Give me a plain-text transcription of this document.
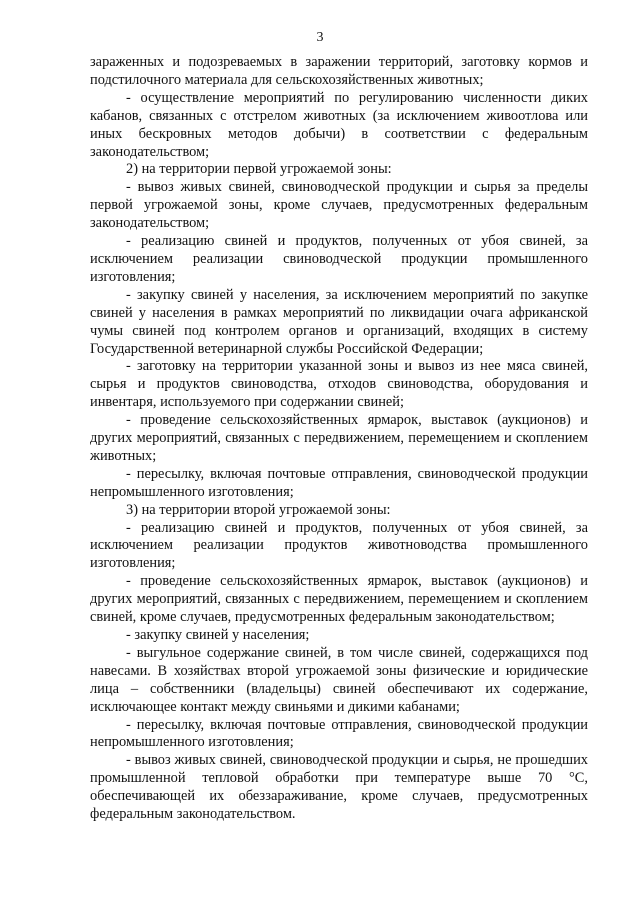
3

зараженных и подозреваемых в заражении территорий, заготовку кормов и подстилочного материала для сельскохозяйственных животных;

- осуществление мероприятий по регулированию численности диких кабанов, связанных с отстрелом животных (за исключением живоотлова или иных бескровных методов добычи) в соответствии с федеральным законодательством;

2) на территории первой угрожаемой зоны:

- вывоз живых свиней, свиноводческой продукции и сырья за пределы первой угрожаемой зоны, кроме случаев, предусмотренных федеральным законодательством;

- реализацию свиней и продуктов, полученных от убоя свиней, за исключением реализации свиноводческой продукции промышленного изготовления;

- закупку свиней у населения, за исключением мероприятий по закупке свиней у населения в рамках мероприятий по ликвидации очага африканской чумы свиней под контролем органов и организаций, входящих в систему Государственной ветеринарной службы Российской Федерации;

- заготовку на территории указанной зоны и вывоз из нее мяса свиней, сырья и продуктов свиноводства, отходов свиноводства, оборудования и инвентаря, используемого при содержании свиней;

- проведение сельскохозяйственных ярмарок, выставок (аукционов) и других мероприятий, связанных с передвижением, перемещением и скоплением животных;

- пересылку, включая почтовые отправления, свиноводческой продукции непромышленного изготовления;

3) на территории второй угрожаемой зоны:

- реализацию свиней и продуктов, полученных от убоя свиней, за исключением реализации продуктов животноводства промышленного изготовления;

- проведение сельскохозяйственных ярмарок, выставок (аукционов) и других мероприятий, связанных с передвижением, перемещением и скоплением свиней, кроме случаев, предусмотренных федеральным законодательством;

- закупку свиней у населения;

- выгульное содержание свиней, в том числе свиней, содержащихся под навесами. В хозяйствах второй угрожаемой зоны физические и юридические лица – собственники (владельцы) свиней обеспечивают их содержание, исключающее контакт между свиньями и дикими кабанами;

- пересылку, включая почтовые отправления, свиноводческой продукции непромышленного изготовления;

- вывоз живых свиней, свиноводческой продукции и сырья, не прошедших промышленной тепловой обработки при температуре выше 70 °С, обеспечивающей их обеззараживание, кроме случаев, предусмотренных федеральным законодательством.
